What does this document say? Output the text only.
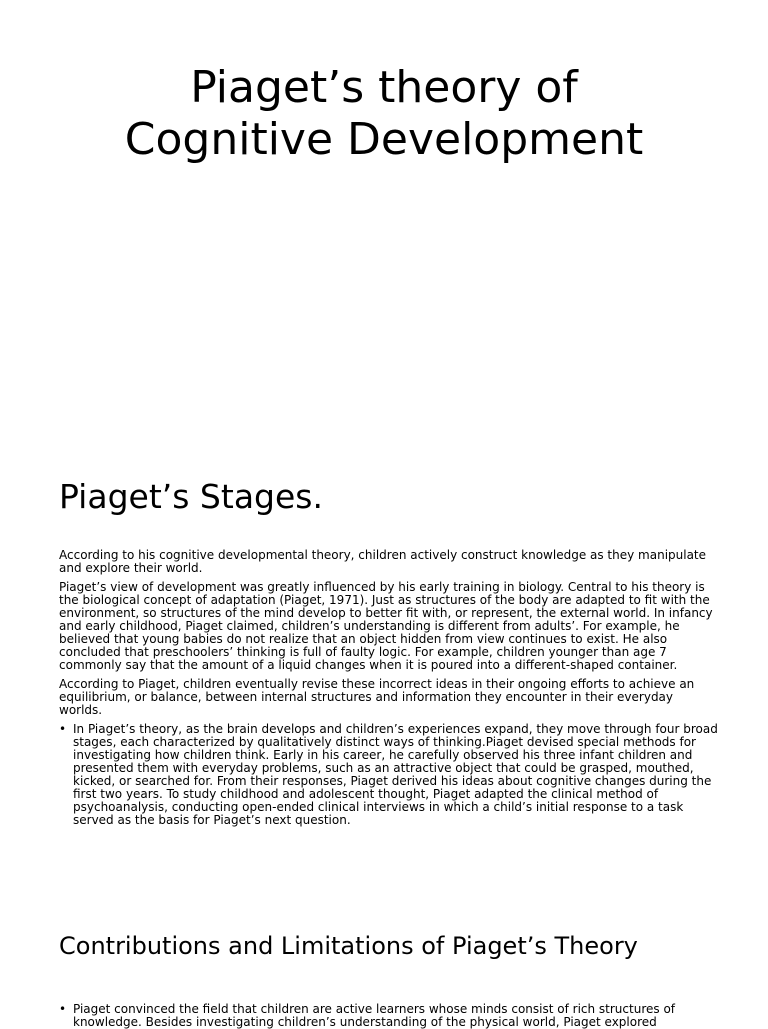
Piaget’s theory of Cognitive Development
Piaget’s Stages.

According to his cognitive developmental theory, children actively construct knowledge as they manipulate and explore their world.

Piaget’s view of development was greatly influenced by his early training in biology. Central to his theory is the biological concept of adaptation (Piaget, 1971). Just as structures of the body are adapted to fit with the environment, so structures of the mind develop to better fit with, or represent, the external world. In infancy and early childhood, Piaget claimed, children’s understanding is different from adults’. For example, he believed that young babies do not realize that an object hidden from view continues to exist. He also concluded that preschoolers’ thinking is full of faulty logic. For example, children younger than age 7 commonly say that the amount of a liquid changes when it is poured into a different-shaped container.

According to Piaget, children eventually revise these incorrect ideas in their ongoing efforts to achieve an equilibrium, or balance, between internal structures and information they encounter in their everyday worlds.

• In Piaget’s theory, as the brain develops and children’s experiences expand, they move through four broad stages, each characterized by qualitatively distinct ways of thinking.Piaget devised special methods for investigating how children think. Early in his career, he carefully observed his three infant children and presented them with everyday problems, such as an attractive object that could be grasped, mouthed, kicked, or searched for. From their responses, Piaget derived his ideas about cognitive changes during the first two years. To study childhood and adolescent thought, Piaget adapted the clinical method of psychoanalysis, conducting open-ended clinical interviews in which a child’s initial response to a task served as the basis for Piaget’s next question.
Contributions and Limitations of Piaget’s Theory
• Piaget convinced the field that children are active learners whose minds consist of rich structures of knowledge. Besides investigating children’s understanding of the physical world, Piaget explored
